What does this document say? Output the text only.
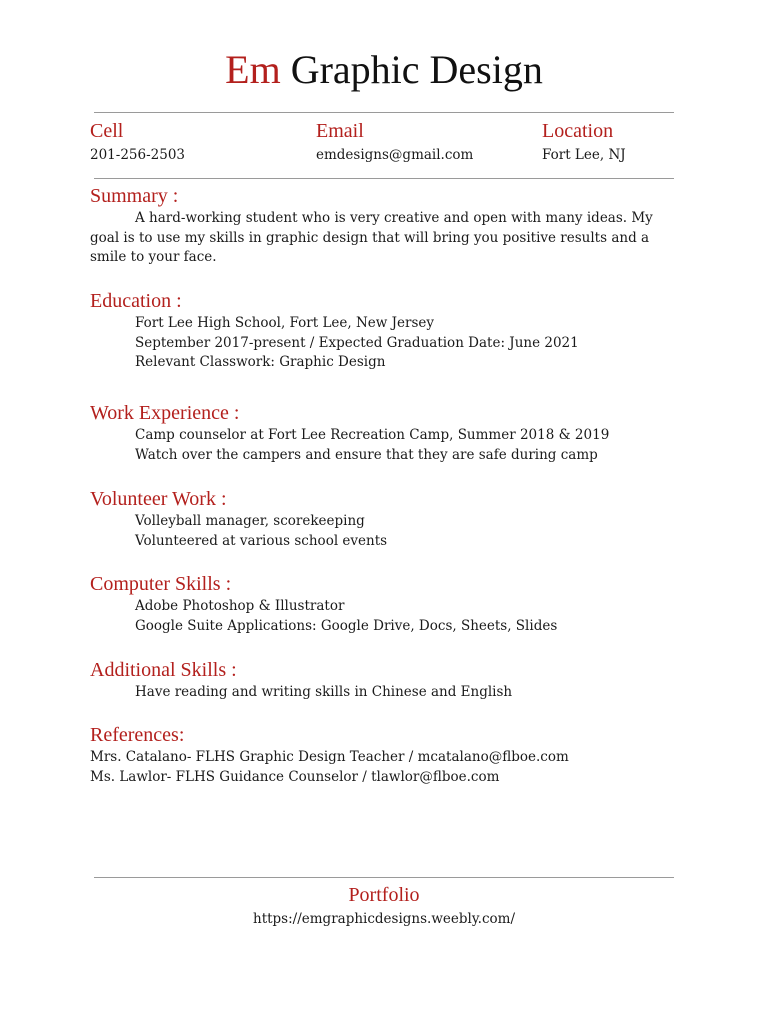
Em Graphic Design
Cell
201-256-2503
Email
emdesigns@gmail.com
Location
Fort Lee, NJ
Summary :
A hard-working student who is very creative and open with many ideas. My goal is to use my skills in graphic design that will bring you positive results and a smile to your face.
Education :
Fort Lee High School, Fort Lee, New Jersey
September 2017-present / Expected Graduation Date: June 2021
Relevant Classwork: Graphic Design
Work Experience :
Camp counselor at Fort Lee Recreation Camp, Summer 2018 & 2019
Watch over the campers and ensure that they are safe during camp
Volunteer Work :
Volleyball manager, scorekeeping
Volunteered at various school events
Computer Skills :
Adobe Photoshop & Illustrator
Google Suite Applications: Google Drive, Docs, Sheets, Slides
Additional Skills :
Have reading and writing skills in Chinese and English
References:
Mrs. Catalano- FLHS Graphic Design Teacher / mcatalano@flboe.com
Ms. Lawlor- FLHS Guidance Counselor / tlawlor@flboe.com
Portfolio
https://emgraphicdesigns.weebly.com/
